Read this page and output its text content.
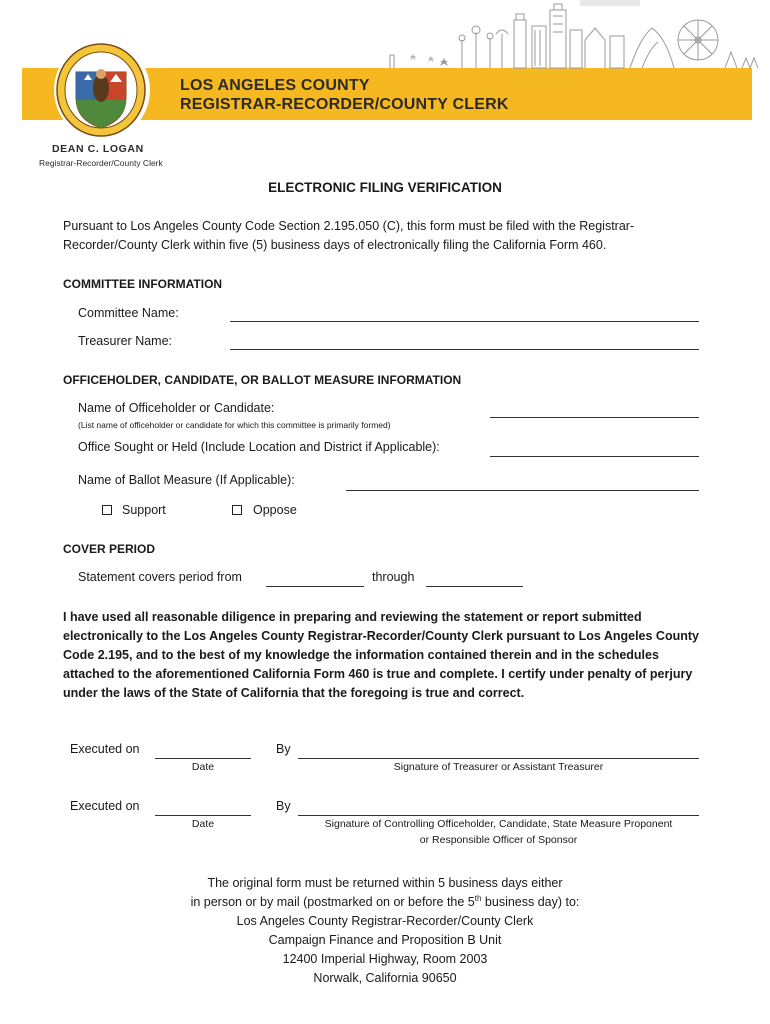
LOS ANGELES COUNTY
REGISTRAR-RECORDER/COUNTY CLERK
DEAN C. LOGAN
Registrar-Recorder/County Clerk
ELECTRONIC FILING VERIFICATION
Pursuant to Los Angeles County Code Section 2.195.050 (C), this form must be filed with the Registrar-Recorder/County Clerk within five (5) business days of electronically filing the California Form 460.
COMMITTEE INFORMATION
Committee Name:
Treasurer Name:
OFFICEHOLDER, CANDIDATE, OR BALLOT MEASURE INFORMATION
Name of Officeholder or Candidate:
(List name of officeholder or candidate for which this committee is primarily formed)
Office Sought or Held (Include Location and District if Applicable):
Name of Ballot Measure (If Applicable):
Support	Oppose
COVER PERIOD
Statement covers period from	through
I have used all reasonable diligence in preparing and reviewing the statement or report submitted electronically to the Los Angeles County Registrar-Recorder/County Clerk pursuant to Los Angeles County Code 2.195, and to the best of my knowledge the information contained therein and in the schedules attached to the aforementioned California Form 460 is true and complete. I certify under penalty of perjury under the laws of the State of California that the foregoing is true and correct.
Executed on	By
Date	Signature of Treasurer or Assistant Treasurer
Executed on	By
Date	Signature of Controlling Officeholder, Candidate, State Measure Proponent
or Responsible Officer of Sponsor
The original form must be returned within 5 business days either
in person or by mail (postmarked on or before the 5th business day) to:
Los Angeles County Registrar-Recorder/County Clerk
Campaign Finance and Proposition B Unit
12400 Imperial Highway, Room 2003
Norwalk, California 90650
